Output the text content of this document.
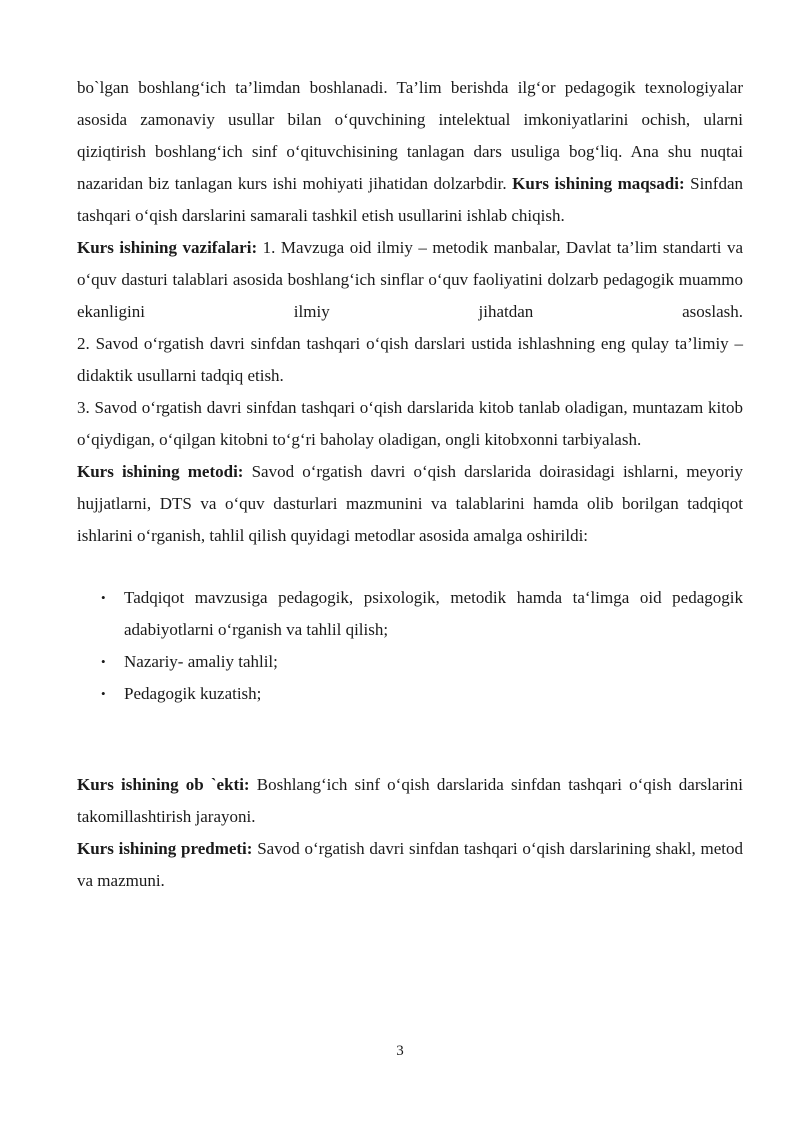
bo`lgan boshlang‘ich ta’limdan boshlanadi. Ta’lim berishda ilg‘or pedagogik texnologiyalar asosida zamonaviy usullar bilan o‘quvchining intelektual imkoniyatlarini ochish, ularni qiziqtirish boshlang‘ich sinf o‘qituvchisining tanlagan dars usuliga bog‘liq. Ana shu nuqtai nazaridan biz tanlagan kurs ishi mohiyati jihatidan dolzarbdir. Kurs ishining maqsadi: Sinfdan tashqari o‘qish darslarini samarali tashkil etish usullarini ishlab chiqish.

Kurs ishining vazifalari: 1. Mavzuga oid ilmiy – metodik manbalar, Davlat ta’lim standarti va o‘quv dasturi talablari asosida boshlang‘ich sinflar o‘quv faoliyatini dolzarb pedagogik muammo ekanligini ilmiy jihatdan asoslash.

2. Savod o‘rgatish davri sinfdan tashqari o‘qish darslari ustida ishlashning eng qulay ta’limiy – didaktik usullarni tadqiq etish.

3. Savod o‘rgatish davri sinfdan tashqari o‘qish darslarida kitob tanlab oladigan, muntazam kitob o‘qiydigan, o‘qilgan kitobni to‘g‘ri baholay oladigan, ongli kitobxonni tarbiyalash.

Kurs ishining metodi: Savod o‘rgatish davri o‘qish darslarida doirasidagi ishlarni, meyoriy hujjatlarni, DTS va o‘quv dasturlari mazmunini va talablarini hamda olib borilgan tadqiqot ishlarini o‘rganish, tahlil qilish quyidagi metodlar asosida amalga oshirildi:

• Tadqiqot mavzusiga pedagogik, psixologik, metodik hamda ta‘limga oid pedagogik adabiyotlarni o‘rganish va tahlil qilish;
• Nazariy- amaliy tahlil;
• Pedagogik kuzatish;

Kurs ishining ob `ekti: Boshlang‘ich sinf o‘qish darslarida sinfdan tashqari o‘qish darslarini takomillashtirish jarayoni.

Kurs ishining predmeti: Savod o‘rgatish davri sinfdan tashqari o‘qish darslarining shakl, metod va mazmuni.

3
